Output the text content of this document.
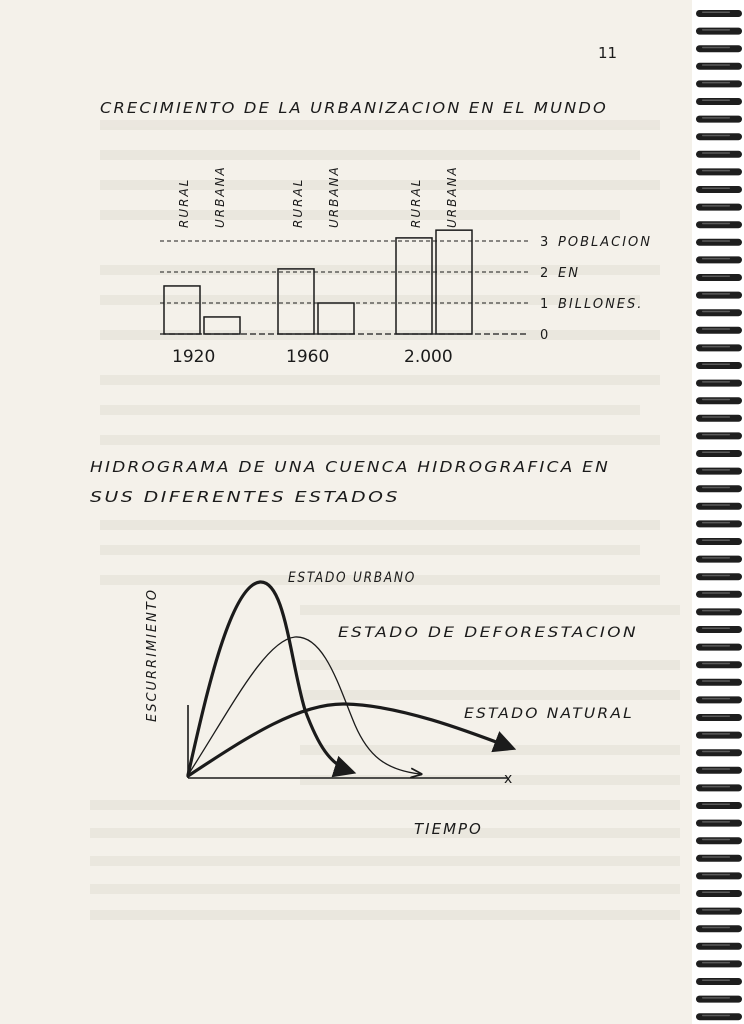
11
CRECIMIENTO DE LA URBANIZACION EN EL MUNDO
RURAL URBANA
1920
RURAL URBANA
1960
RURAL URBANA
2.000
3
2
1
0
POBLACION
EN
BILLONES.
HIDROGRAMA DE UNA CUENCA HIDROGRAFICA EN
SUS DIFERENTES ESTADOS
x
ESCURRIMIENTO
TIEMPO
ESTADO URBANO
ESTADO DE DEFORESTACION
ESTADO NATURAL
